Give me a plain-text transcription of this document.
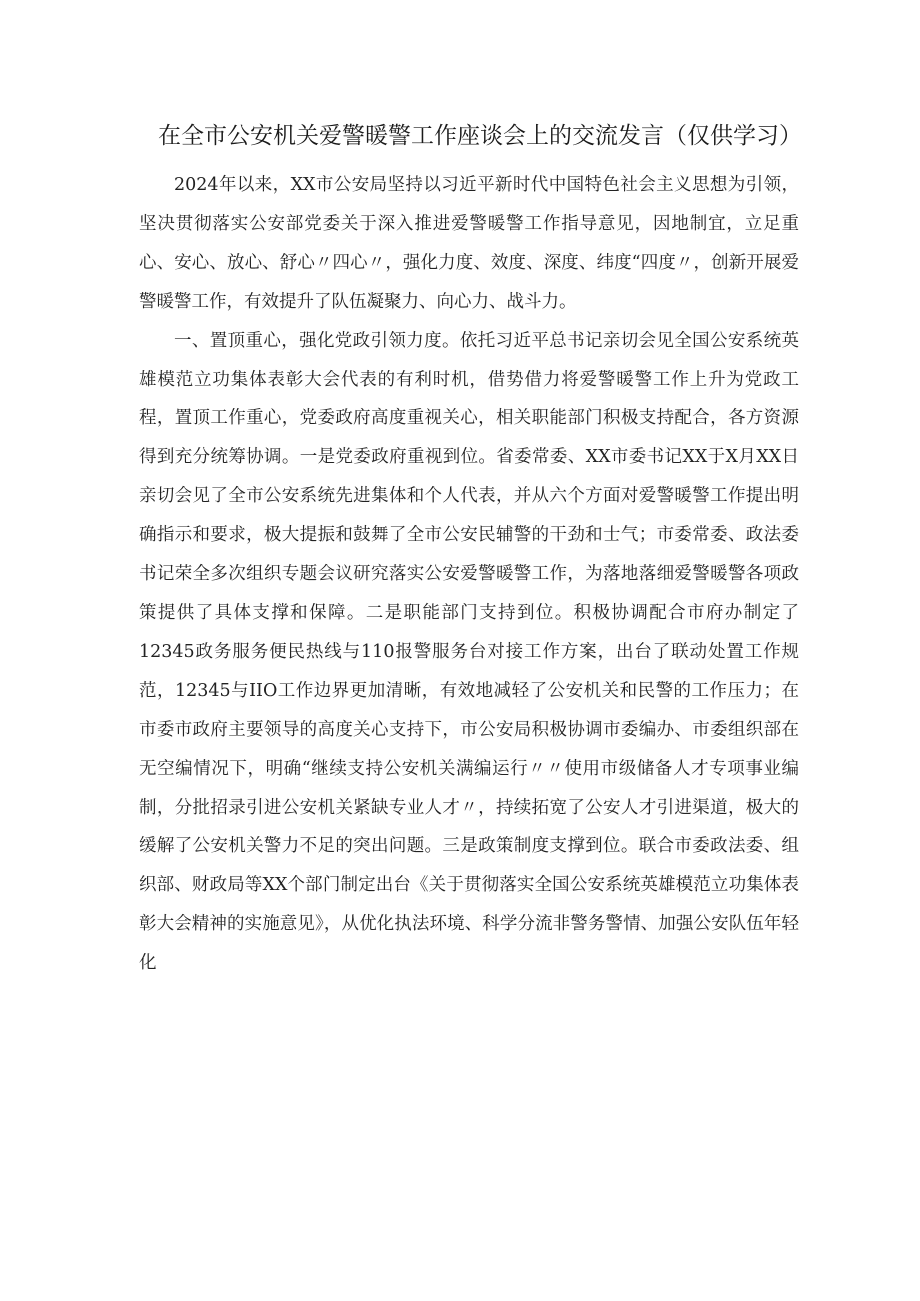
在全市公安机关爱警暖警工作座谈会上的交流发言（仅供学习）

2024年以来，XX市公安局坚持以习近平新时代中国特色社会主义思想为引领，坚决贯彻落实公安部党委关于深入推进爱警暖警工作指导意见，因地制宜，立足重心、安心、放心、舒心〃四心〃，强化力度、效度、深度、纬度“四度〃，创新开展爱警暖警工作，有效提升了队伍凝聚力、向心力、战斗力。

一、置顶重心，强化党政引领力度。依托习近平总书记亲切会见全国公安系统英雄模范立功集体表彰大会代表的有利时机，借势借力将爱警暖警工作上升为党政工程，置顶工作重心，党委政府高度重视关心，相关职能部门积极支持配合，各方资源得到充分统筹协调。一是党委政府重视到位。省委常委、XX市委书记XX于X月XX日亲切会见了全市公安系统先进集体和个人代表，并从六个方面对爱警暖警工作提出明确指示和要求，极大提振和鼓舞了全市公安民辅警的干劲和士气；市委常委、政法委书记荣全多次组织专题会议研究落实公安爱警暖警工作，为落地落细爱警暖警各项政策提供了具体支撑和保障。二是职能部门支持到位。积极协调配合市府办制定了12345政务服务便民热线与110报警服务台对接工作方案，出台了联动处置工作规范，12345与IIO工作边界更加清晰，有效地减轻了公安机关和民警的工作压力；在市委市政府主要领导的高度关心支持下，市公安局积极协调市委编办、市委组织部在无空编情况下，明确“继续支持公安机关满编运行〃〃使用市级储备人才专项事业编制，分批招录引进公安机关紧缺专业人才〃，持续拓宽了公安人才引进渠道，极大的缓解了公安机关警力不足的突出问题。三是政策制度支撑到位。联合市委政法委、组织部、财政局等XX个部门制定出台《关于贯彻落实全国公安系统英雄模范立功集体表彰大会精神的实施意见》，从优化执法环境、科学分流非警务警情、加强公安队伍年轻化
